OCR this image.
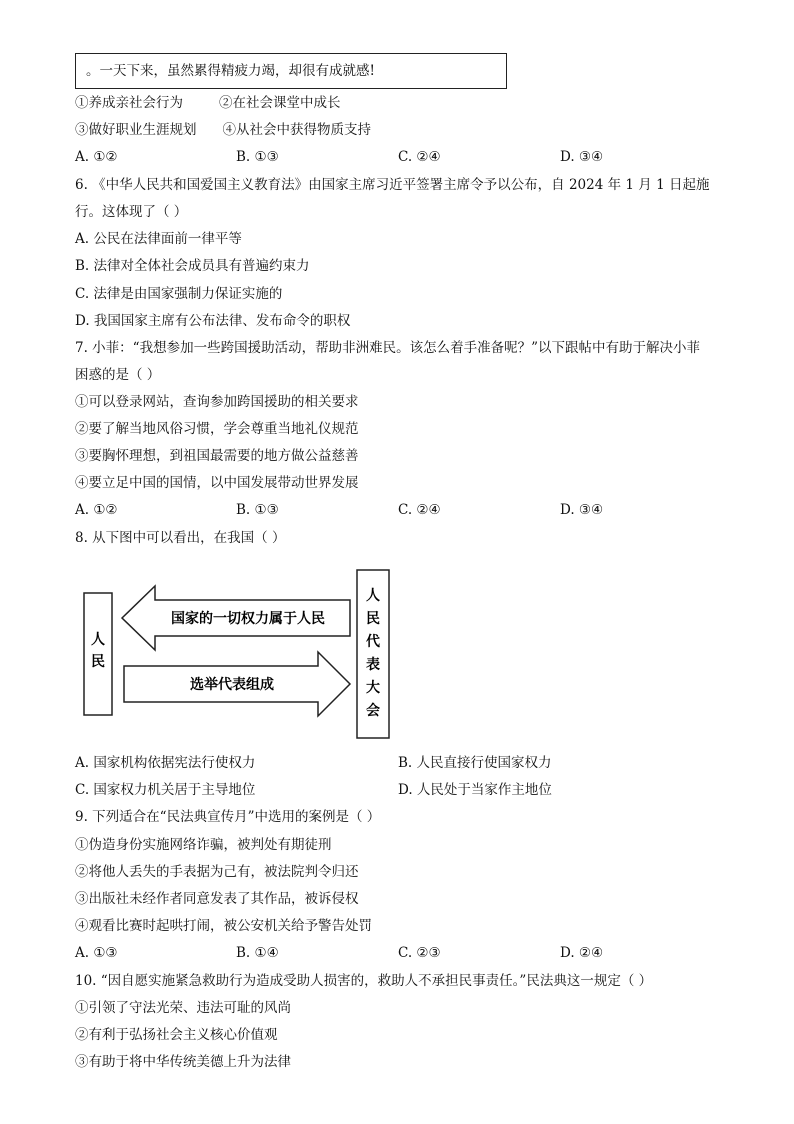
。一天下来，虽然累得精疲力竭，却很有成就感!
①养成亲社会行为	②在社会课堂中成长
③做好职业生涯规划 ④从社会中获得物质支持
A. ①②	B. ①③	C. ②④	D. ③④
6. 《中华人民共和国爱国主义教育法》由国家主席习近平签署主席令予以公布，自 2024 年 1 月 1 日起施
行。这体现了（ ）
A. 公民在法律面前一律平等
B. 法律对全体社会成员具有普遍约束力
C. 法律是由国家强制力保证实施的
D. 我国国家主席有公布法律、发布命令的职权
7. 小菲：“我想参加一些跨国援助活动，帮助非洲难民。该怎么着手准备呢？”以下跟帖中有助于解决小菲
困惑的是（ ）
①可以登录网站，查询参加跨国援助的相关要求
②要了解当地风俗习惯，学会尊重当地礼仪规范
③要胸怀理想，到祖国最需要的地方做公益慈善
④要立足中国的国情，以中国发展带动世界发展
A. ①②	B. ①③	C. ②④	D. ③④
8. 从下图中可以看出，在我国（ ）
人
民
人
民
代
表
大
会
国家的一切权力属于人民
选举代表组成
A. 国家机构依据宪法行使权力	B. 人民直接行使国家权力
C. 国家权力机关居于主导地位	D. 人民处于当家作主地位
9. 下列适合在“民法典宣传月”中选用的案例是（ ）
①伪造身份实施网络诈骗，被判处有期徒刑
②将他人丢失的手表据为己有，被法院判令归还
③出版社未经作者同意发表了其作品，被诉侵权
④观看比赛时起哄打闹，被公安机关给予警告处罚
A. ①③	B. ①④	C. ②③	D. ②④
10. “因自愿实施紧急救助行为造成受助人损害的，救助人不承担民事责任。”民法典这一规定（ ）
①引领了守法光荣、违法可耻的风尚
②有利于弘扬社会主义核心价值观
③有助于将中华传统美德上升为法律
